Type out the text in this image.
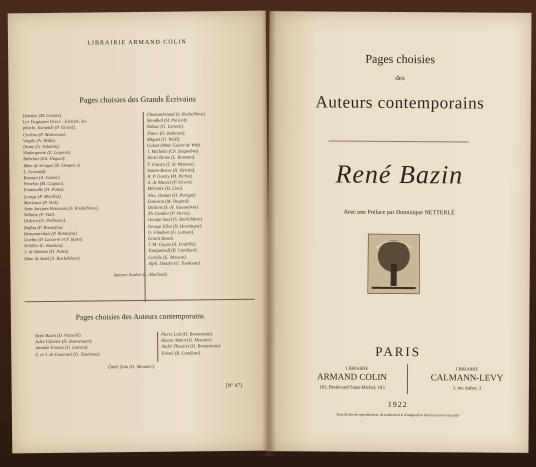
LIBRAIRIE ARMAND COLIN
Pages choisies des Grands Écrivains
Homère (M. Croiset).
Les Tragiques Grecs : Eschyle, So-
phocle, Euripide (P. Girard).
Cicéron (P. Monceaux).
Virgile (A. Waltz).
Dante (A. Valentin).
Shakespeare (E. Legouis).
Rabelais (Ed. Huguet).
Mme de Sévigné (R. Doumic et
L. Levrault).
Bossuet (A. Gazier).
Fénelon (M. Cagnac).
Fontenelle (H. Potez).
Lesage (P. Morillot).
Marivaux (P. Vial).
Jean-Jacques Rousseau (S. Rocheblave).
Voltaire (F. Vial).
Diderot (G. Pellissier).
Buffon (P. Bonnefon).
Beaumarchais (P. Bonnefon).
Goethe (P. Lasserre et P. Baret).
Schiller (L. Roustan).
J. de Maistre (H. Potez).
Mme de Staël (S. Rocheblave).
Chateaubriand (S. Rocheblave).
Stendhal (H. Paricot).
Balzac (G. Lanson).
Thiers (G. Robertet).
Mignet (G. Weill).
Guizot (Mme Guizot de Witt).
J. Michelet (Ch. Seignobos).
Henri Heine (L. Roustan).
V. Cousin (T. de Wyzewa).
Sainte-Beuve (H. Bernès).
R. P. Gratry (M. Pichot).
A. de Musset (P. Sirven).
Mérimée (H. Lion).
Alex. Dumas (H. Parigot).
Emerson (M. Dugard).
Dickens (S.-H. Gaussebon).
Th. Gautier (P. Sirven).
George Sand (S. Rocheblave).
George Eliot (H. Hovelaque).
G. Flaubert (G. Lanson).
Ernest Renan.
J. M. Guyau (A. Fouillée).
Tourgueneff (R. Candiani).
Carlyle (E. Masson).
Alph. Daudet (G. Toudouze).
Auteurs Arabes (L. Machuel).
Pages choisies des Auteurs contemporains
René Bazin (D. Netterlé).
Jules Claretie (H. Bonnemain).
Anatole France (G. Lanson).
E. et J. de Goncourt (G. Toudouze).
Pierre Loti (H. Bonnemain).
Hector Malot (G. Meunier).
André Theuriet (H. Bonnemain).
Tolstoï (R. Candiani).
Émile Zola (G. Meunier).
[Nº 47]
Pages choisies
des
Auteurs contemporains
René Bazin
Avec une Préface par Dominique NETTERLÉ
PARIS
LIBRAIRIE
ARMAND COLIN
103, Boulevard Saint-Michel, 103
LIBRAIRIE
CALMANN-LEVY
3, rue Auber, 3
1922
Tous droits de reproduction, de traduction et d'adaptation réservés pour tous pays
